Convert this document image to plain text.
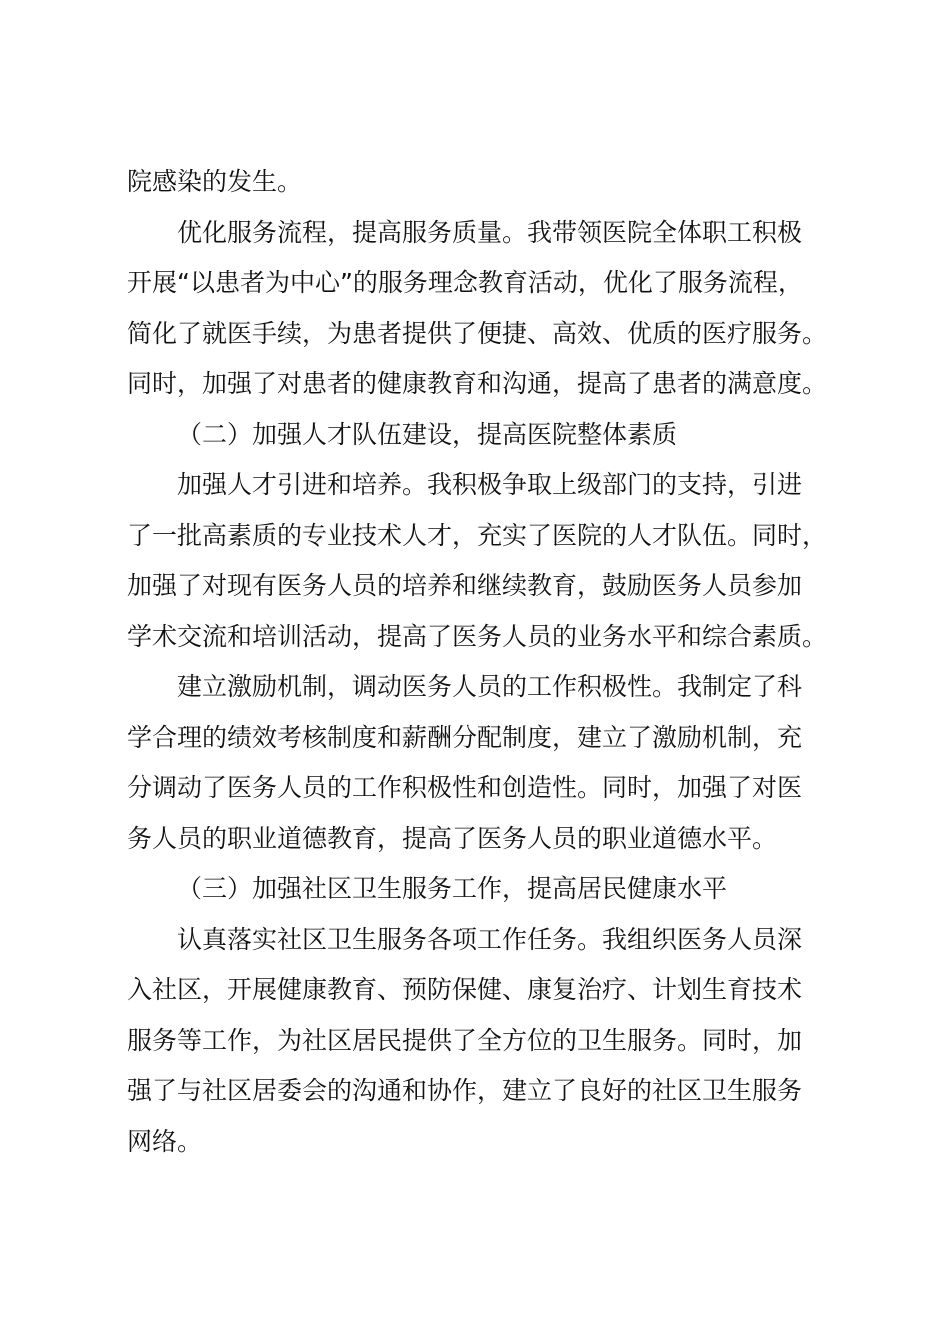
院感染的发生。

优化服务流程，提高服务质量。我带领医院全体职工积极
开展“以患者为中心”的服务理念教育活动，优化了服务流程，
简化了就医手续，为患者提供了便捷、高效、优质的医疗服务。
同时，加强了对患者的健康教育和沟通，提高了患者的满意度。

（二）加强人才队伍建设，提高医院整体素质

加强人才引进和培养。我积极争取上级部门的支持，引进
了一批高素质的专业技术人才，充实了医院的人才队伍。同时，
加强了对现有医务人员的培养和继续教育，鼓励医务人员参加
学术交流和培训活动，提高了医务人员的业务水平和综合素质。

建立激励机制，调动医务人员的工作积极性。我制定了科
学合理的绩效考核制度和薪酬分配制度，建立了激励机制，充
分调动了医务人员的工作积极性和创造性。同时，加强了对医
务人员的职业道德教育，提高了医务人员的职业道德水平。

（三）加强社区卫生服务工作，提高居民健康水平

认真落实社区卫生服务各项工作任务。我组织医务人员深
入社区，开展健康教育、预防保健、康复治疗、计划生育技术
服务等工作，为社区居民提供了全方位的卫生服务。同时，加
强了与社区居委会的沟通和协作，建立了良好的社区卫生服务
网络。
